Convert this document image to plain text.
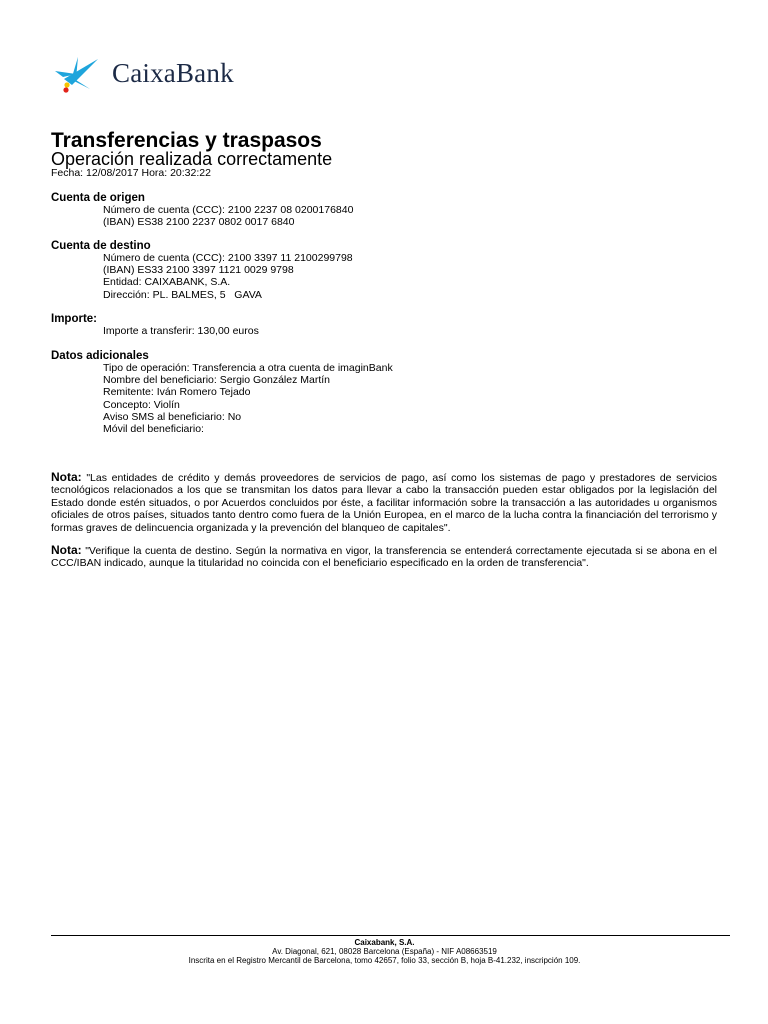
CaixaBank
Transferencias y traspasos
Operación realizada correctamente
Fecha: 12/08/2017 Hora: 20:32:22
Cuenta de origen
Número de cuenta (CCC): 2100 2237 08 0200176840
(IBAN) ES38 2100 2237 0802 0017 6840
Cuenta de destino
Número de cuenta (CCC): 2100 3397 11 2100299798
(IBAN) ES33 2100 3397 1121 0029 9798
Entidad: CAIXABANK, S.A.
Dirección: PL. BALMES, 5   GAVA
Importe:
Importe a transferir: 130,00 euros
Datos adicionales
Tipo de operación: Transferencia a otra cuenta de imaginBank
Nombre del beneficiario: Sergio González Martín
Remitente: Iván Romero Tejado
Concepto: Violín
Aviso SMS al beneficiario: No
Móvil del beneficiario:
Nota: "Las entidades de crédito y demás proveedores de servicios de pago, así como los sistemas de pago y prestadores de servicios tecnológicos relacionados a los que se transmitan los datos para llevar a cabo la transacción pueden estar obligados por la legislación del Estado donde estén situados, o por Acuerdos concluidos por éste, a facilitar información sobre la transacción a las autoridades u organismos oficiales de otros países, situados tanto dentro como fuera de la Unión Europea, en el marco de la lucha contra la financiación del terrorismo y formas graves de delincuencia organizada y la prevención del blanqueo de capitales".
Nota: "Verifique la cuenta de destino. Según la normativa en vigor, la transferencia se entenderá correctamente ejecutada si se abona en el CCC/IBAN indicado, aunque la titularidad no coincida con el beneficiario especificado en la orden de transferencia".
Caixabank, S.A.
Av. Diagonal, 621, 08028 Barcelona (España) - NIF A08663519
Inscrita en el Registro Mercantil de Barcelona, tomo 42657, folio 33, sección B, hoja B-41.232, inscripción 109.
